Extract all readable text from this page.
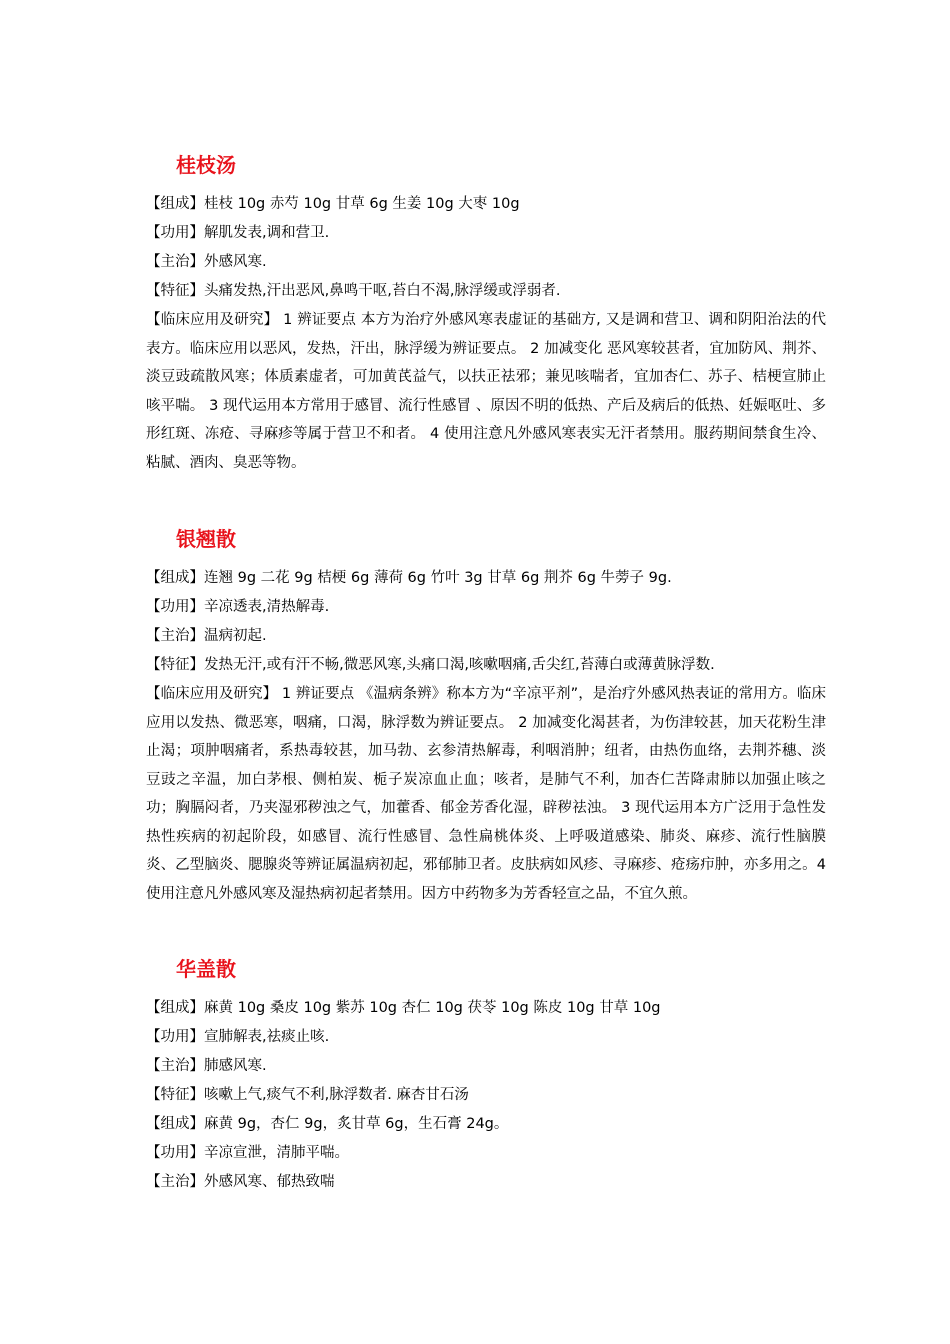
桂枝汤
【组成】桂枝 10g 赤芍 10g 甘草 6g 生姜 10g 大枣 10g
【功用】解肌发表,调和营卫.
【主治】外感风寒.
【特征】头痛发热,汗出恶风,鼻鸣干呕,苔白不渴,脉浮缓或浮弱者.
【临床应用及研究】 1 辨证要点 本方为治疗外感风寒表虚证的基础方, 又是调和营卫、调和阴阳治法的代表方。临床应用以恶风，发热，汗出，脉浮缓为辨证要点。 2 加减变化 恶风寒较甚者，宜加防风、荆芥、淡豆豉疏散风寒；体质素虚者，可加黄芪益气，以扶正祛邪；兼见咳喘者，宜加杏仁、苏子、桔梗宣肺止咳平喘。 3 现代运用本方常用于感冒、流行性感冒 、原因不明的低热、产后及病后的低热、妊娠呕吐、多形红斑、冻疮、寻麻疹等属于营卫不和者。 4 使用注意凡外感风寒表实无汗者禁用。服药期间禁食生冷、粘腻、酒肉、臭恶等物。
银翘散
【组成】连翘 9g 二花 9g 桔梗 6g 薄荷 6g 竹叶 3g 甘草 6g 荆芥 6g 牛蒡子 9g.
【功用】辛凉透表,清热解毒.
【主治】温病初起.
【特征】发热无汗,或有汗不畅,微恶风寒,头痛口渴,咳嗽咽痛,舌尖红,苔薄白或薄黄脉浮数.
【临床应用及研究】 1 辨证要点 《温病条辨》称本方为“辛凉平剂”，是治疗外感风热表证的常用方。临床应用以发热、微恶寒，咽痛，口渴，脉浮数为辨证要点。 2 加减变化渴甚者，为伤津较甚，加天花粉生津止渴；项肿咽痛者，系热毒较甚，加马勃、玄参清热解毒，利咽消肿；纽者，由热伤血络，去荆芥穗、淡豆豉之辛温，加白茅根、侧柏炭、栀子炭凉血止血；咳者，是肺气不利，加杏仁苦降肃肺以加强止咳之功；胸膈闷者，乃夹湿邪秽浊之气，加藿香、郁金芳香化湿，辟秽祛浊。 3 现代运用本方广泛用于急性发热性疾病的初起阶段，如感冒、流行性感冒、急性扁桃体炎、上呼吸道感染、肺炎、麻疹、流行性脑膜炎、乙型脑炎、腮腺炎等辨证属温病初起，邪郁肺卫者。皮肤病如风疹、寻麻疹、疮疡疖肿，亦多用之。4 使用注意凡外感风寒及湿热病初起者禁用。因方中药物多为芳香轻宣之品，不宜久煎。
华盖散
【组成】麻黄 10g 桑皮 10g 紫苏 10g 杏仁 10g 茯苓 10g 陈皮 10g 甘草 10g
【功用】宣肺解表,祛痰止咳.
【主治】肺感风寒.
【特征】咳嗽上气,痰气不利,脉浮数者. 麻杏甘石汤
【组成】麻黄 9g，杏仁 9g，炙甘草 6g，生石膏 24g。
【功用】辛凉宣泄，清肺平喘。
【主治】外感风寒、郁热致喘
